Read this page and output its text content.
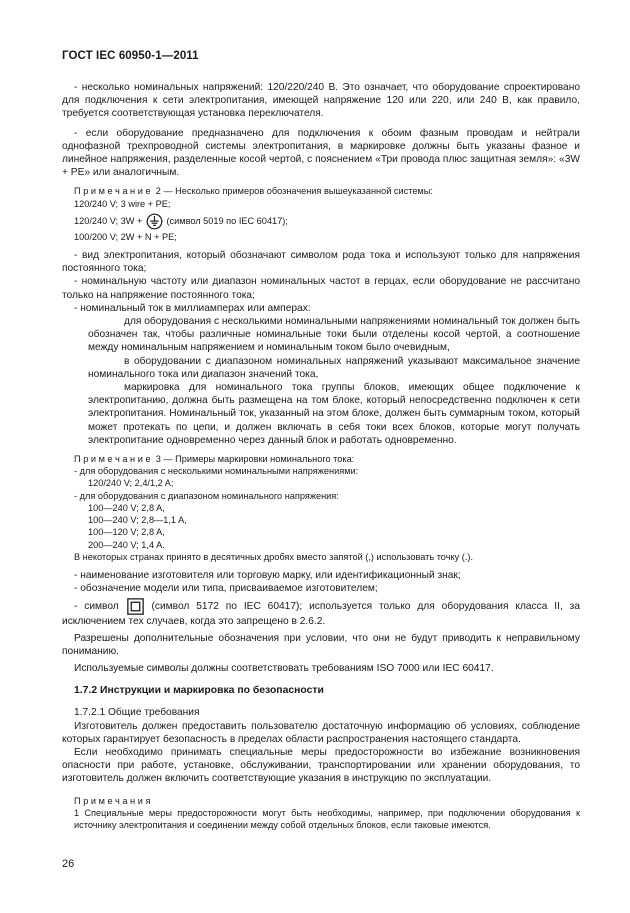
ГОСТ IEC 60950-1—2011

- несколько номинальных напряжений: 120/220/240 В. Это означает, что оборудование спроектировано для подключения к сети электропитания, имеющей напряжение 120 или 220, или 240 В, как правило, требуется соответствующая установка переключателя.

- если оборудование предназначено для подключения к обоим фазным проводам и нейтрали однофазной трехпроводной системы электропитания, в маркировке должны быть указаны фазное и линейное напряжения, разделенные косой чертой, с пояснением «Три провода плюс защитная земля»: «3W + PE» или аналогичным.

Примечание 2 — Несколько примеров обозначения вышеуказанной системы:

120/240 V; 3 wire + PE;

120/240 V; 3W +	(символ 5019 по IEC 60417);

100/200 V; 2W + N + PE;

- вид электропитания, который обозначают символом рода тока и используют только для напряжения постоянного тока;

- номинальную частоту или диапазон номинальных частот в герцах, если оборудование не рассчитано только на напряжение постоянного тока;

- номинальный ток в миллиамперах или амперах:

для оборудования с несколькими номинальными напряжениями номинальный ток должен быть обозначен так, чтобы различные номинальные токи были отделены косой чертой, а соотношение между номинальным напряжением и номинальным током было очевидным,

в оборудовании с диапазоном номинальных напряжений указывают максимальное значение номинального тока или диапазон значений тока,

маркировка для номинального тока группы блоков, имеющих общее подключение к электропитанию, должна быть размещена на том блоке, который непосредственно подключен к сети электропитания. Номинальный ток, указанный на этом блоке, должен быть суммарным током, который может протекать по цепи, и должен включать в себя токи всех блоков, которые могут получать электропитание одновременно через данный блок и работать одновременно.

Примечание 3 — Примеры маркировки номинального тока:

- для оборудования с несколькими номинальными напряжениями:

120/240 V; 2,4/1,2 A;

- для оборудования с диапазоном номинального напряжения:

100—240 V; 2,8 A,

100—240 V; 2,8—1,1 A,

100—120 V; 2,8 A,

200—240 V; 1,4 A.

В некоторых странах принято в десятичных дробях вместо запятой (,) использовать точку (.).

- наименование изготовителя или торговую марку, или идентификационный знак;

- обозначение модели или типа, присваиваемое изготовителем;

- символ	(символ 5172 по IEC 60417); используется только для оборудования класса II, за исключением тех случаев, когда это запрещено в 2.6.2.

Разрешены дополнительные обозначения при условии, что они не будут приводить к неправильному пониманию.

Используемые символы должны соответствовать требованиям ISO 7000 или IEC 60417.

1.7.2 Инструкции и маркировка по безопасности

1.7.2.1 Общие требования

Изготовитель должен предоставить пользователю достаточную информацию об условиях, соблюдение которых гарантирует безопасность в пределах области распространения настоящего стандарта.

Если необходимо принимать специальные меры предосторожности во избежание возникновения опасности при работе, установке, обслуживании, транспортировании или хранении оборудования, то изготовитель должен включить соответствующие указания в инструкцию по эксплуатации.

Примечания

1 Специальные меры предосторожности могут быть необходимы, например, при подключении оборудования к источнику электропитания и соединении между собой отдельных блоков, если таковые имеются.

26
